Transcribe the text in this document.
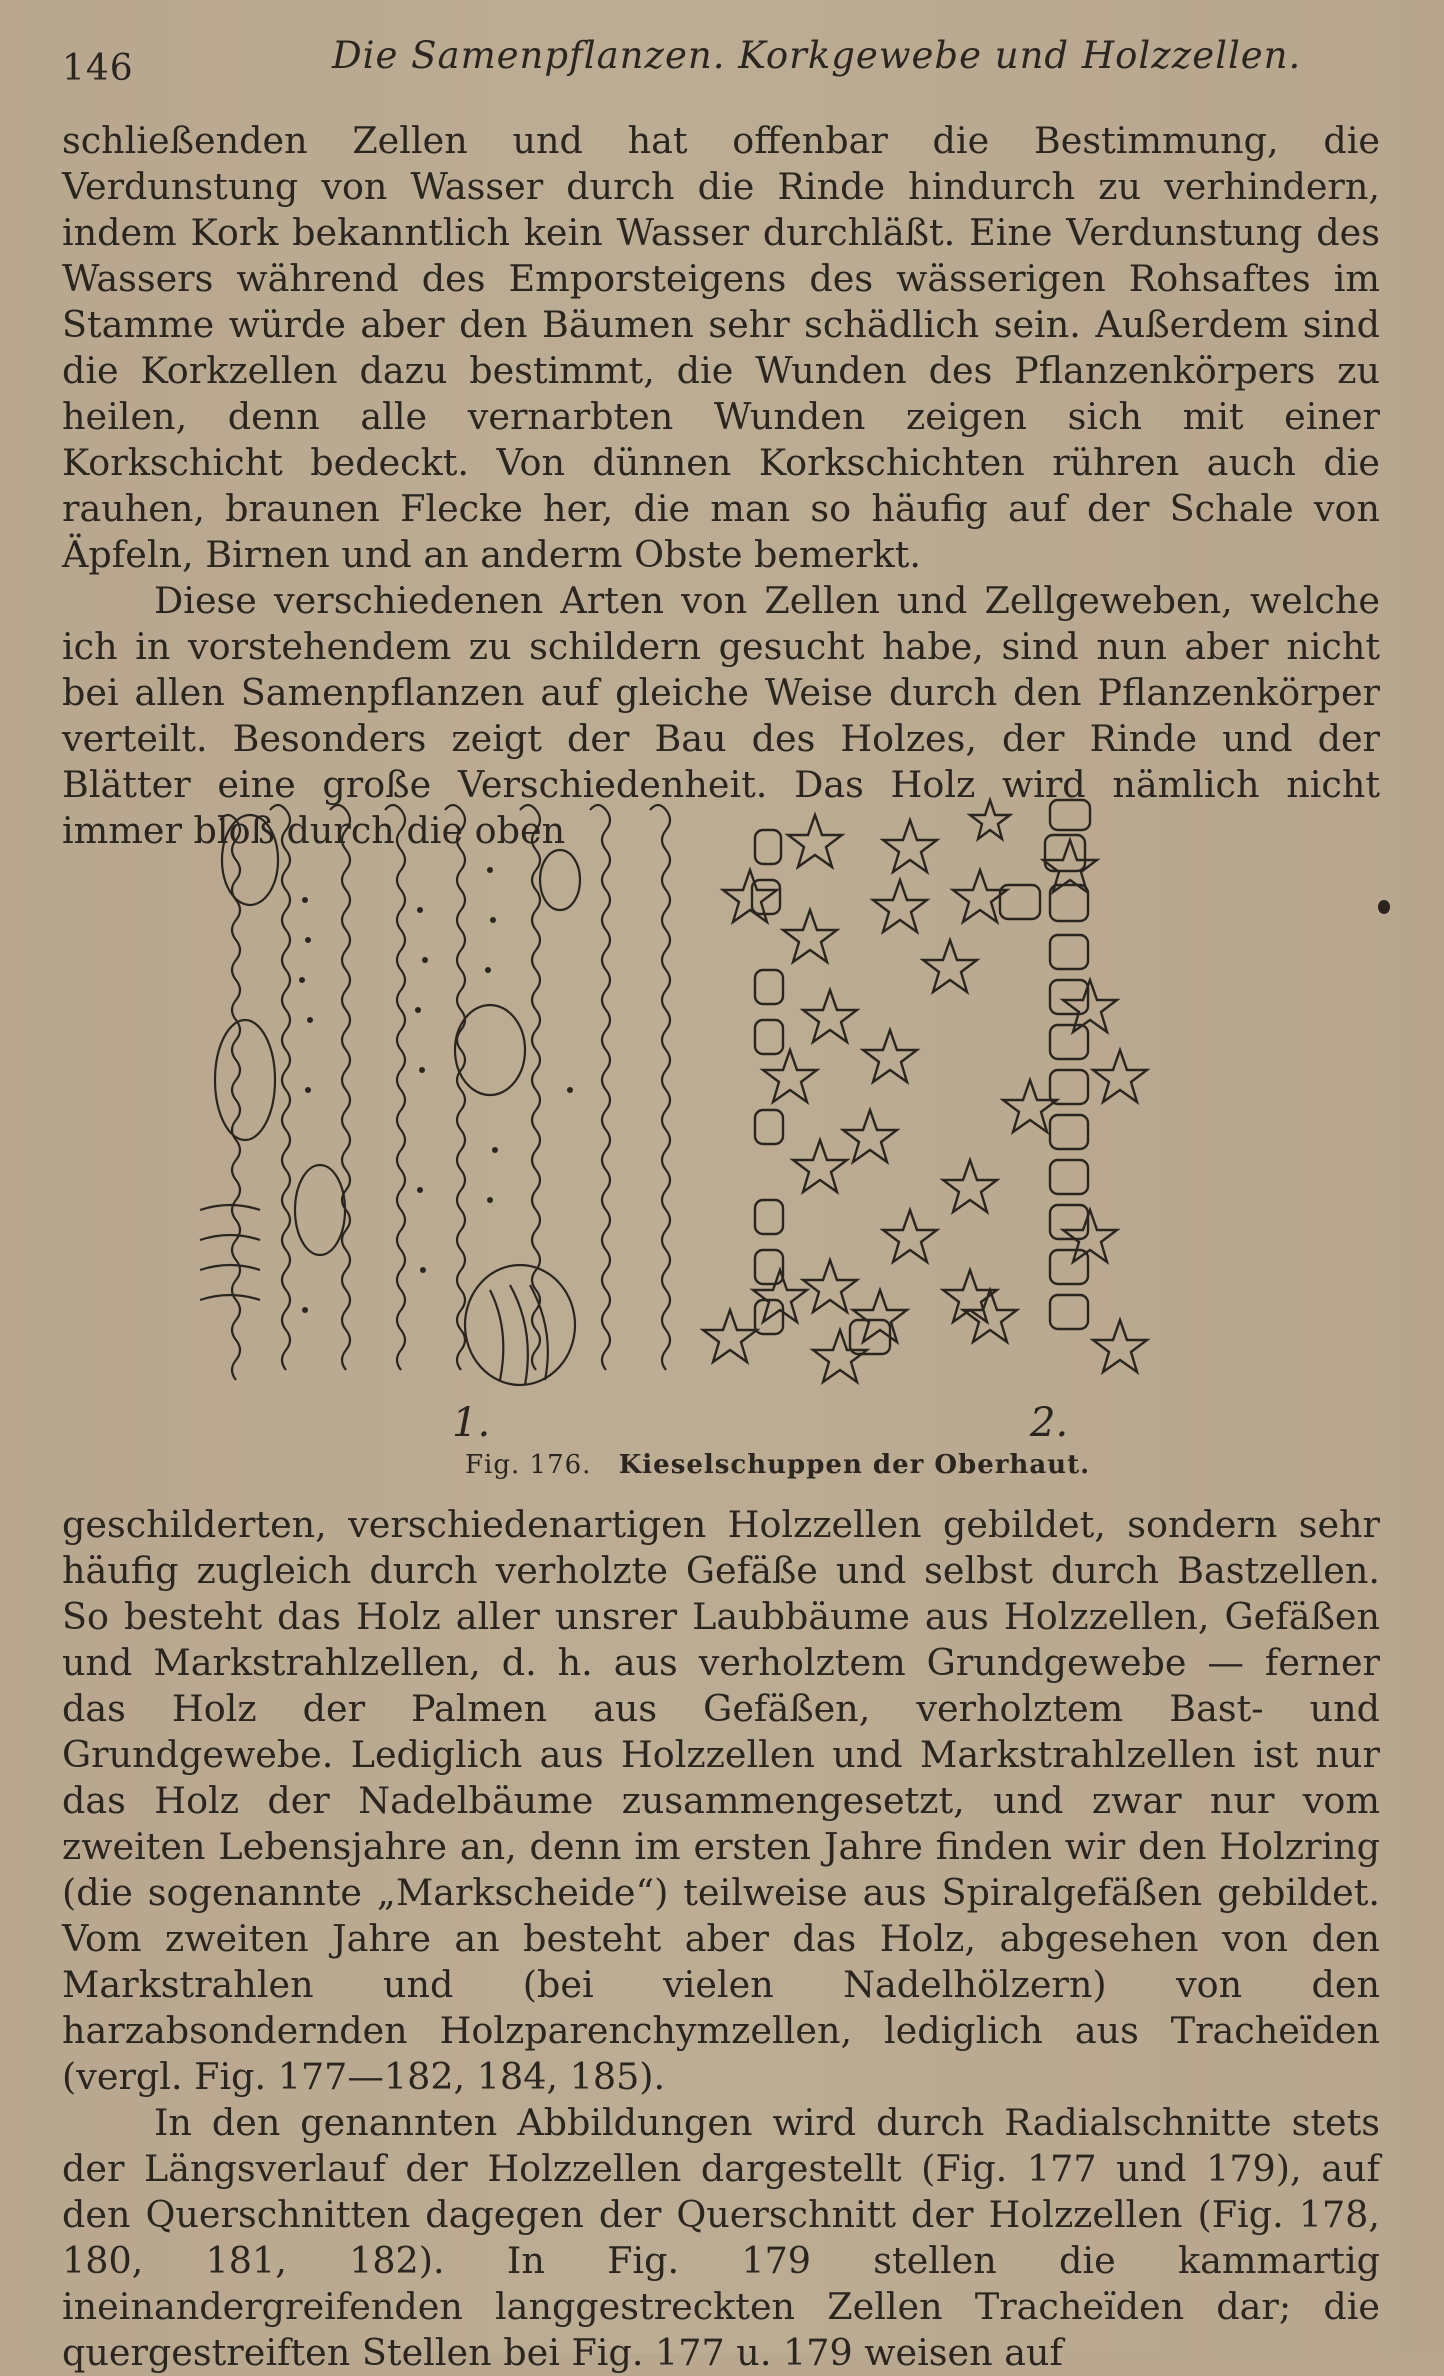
146	Die Samenpflanzen. Korkgewebe und Holzzellen.

schließenden Zellen und hat offenbar die Bestimmung, die Verdunstung von Wasser durch die Rinde hindurch zu verhindern, indem Kork bekanntlich kein Wasser durchläßt. Eine Verdunstung des Wassers während des Emporsteigens des wässerigen Rohsaftes im Stamme würde aber den Bäumen sehr schädlich sein. Außerdem sind die Korkzellen dazu bestimmt, die Wunden des Pflanzenkörpers zu heilen, denn alle vernarbten Wunden zeigen sich mit einer Korkschicht bedeckt. Von dünnen Korkschichten rühren auch die rauhen, braunen Flecke her, die man so häufig auf der Schale von Äpfeln, Birnen und an anderm Obste bemerkt.

Diese verschiedenen Arten von Zellen und Zellgeweben, welche ich in vorstehendem zu schildern gesucht habe, sind nun aber nicht bei allen Samenpflanzen auf gleiche Weise durch den Pflanzenkörper verteilt. Besonders zeigt der Bau des Holzes, der Rinde und der Blätter eine große Verschiedenheit. Das Holz wird nämlich nicht immer bloß durch die oben

1.	2.
Fig. 176. Kieselschuppen der Oberhaut.

geschilderten, verschiedenartigen Holzzellen gebildet, sondern sehr häufig zugleich durch verholzte Gefäße und selbst durch Bastzellen. So besteht das Holz aller unsrer Laubbäume aus Holzzellen, Gefäßen und Markstrahlzellen, d. h. aus verholztem Grundgewebe — ferner das Holz der Palmen aus Gefäßen, verholztem Bast- und Grundgewebe. Lediglich aus Holzzellen und Markstrahlzellen ist nur das Holz der Nadelbäume zusammengesetzt, und zwar nur vom zweiten Lebensjahre an, denn im ersten Jahre finden wir den Holzring (die sogenannte „Markscheide“) teilweise aus Spiralgefäßen gebildet. Vom zweiten Jahre an besteht aber das Holz, abgesehen von den Markstrahlen und (bei vielen Nadelhölzern) von den harzabsondernden Holzparenchymzellen, lediglich aus Tracheïden (vergl. Fig. 177—182, 184, 185).

In den genannten Abbildungen wird durch Radialschnitte stets der Längsverlauf der Holzzellen dargestellt (Fig. 177 und 179), auf den Querschnitten dagegen der Querschnitt der Holzzellen (Fig. 178, 180, 181, 182). In Fig. 179 stellen die kammartig ineinandergreifenden langgestreckten Zellen Tracheïden dar; die quergestreiften Stellen bei Fig. 177 u. 179 weisen auf
